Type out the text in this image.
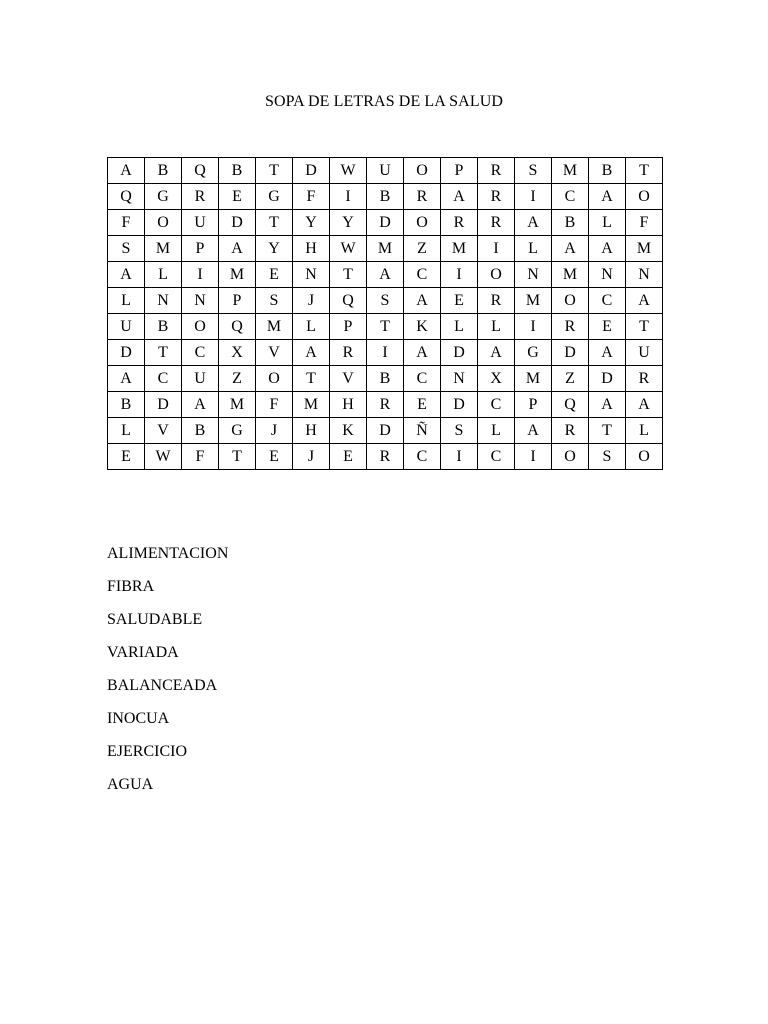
SOPA DE LETRAS DE LA SALUD
A	B	Q	B	T	D	W	U	O	P	R	S	M	B	T
Q	G	R	E	G	F	I	B	R	A	R	I	C	A	O
F	O	U	D	T	Y	Y	D	O	R	R	A	B	L	F
S	M	P	A	Y	H	W	M	Z	M	I	L	A	A	M
A	L	I	M	E	N	T	A	C	I	O	N	M	N	N
L	N	N	P	S	J	Q	S	A	E	R	M	O	C	A
U	B	O	Q	M	L	P	T	K	L	L	I	R	E	T
D	T	C	X	V	A	R	I	A	D	A	G	D	A	U
A	C	U	Z	O	T	V	B	C	N	X	M	Z	D	R
B	D	A	M	F	M	H	R	E	D	C	P	Q	A	A
L	V	B	G	J	H	K	D	Ñ	S	L	A	R	T	L
E	W	F	T	E	J	E	R	C	I	C	I	O	S	O
ALIMENTACION
FIBRA
SALUDABLE
VARIADA
BALANCEADA
INOCUA
EJERCICIO
AGUA
